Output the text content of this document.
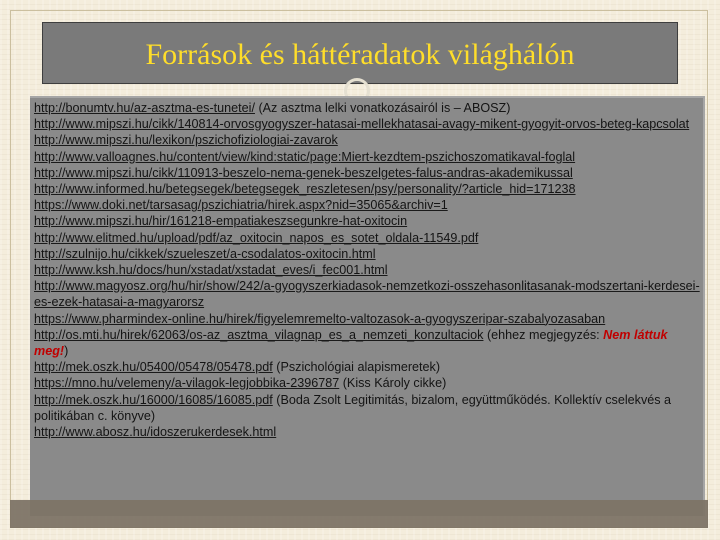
Források és háttéradatok világhálón
http://bonumtv.hu/az-asztma-es-tunetei/ (Az asztma lelki vonatkozásairól is – ABOSZ)
http://www.mipszi.hu/cikk/140814-orvosgyogyszer-hatasai-mellekhatasai-avagy-mikent-gyogyit-orvos-beteg-kapcsolat
http://www.mipszi.hu/lexikon/pszichofiziologiai-zavarok
http://www.valloagnes.hu/content/view/kind:static/page:Miert-kezdtem-pszichoszomatikaval-foglal
http://www.mipszi.hu/cikk/110913-beszelo-nema-genek-beszelgetes-falus-andras-akademikussal
http://www.informed.hu/betegsegek/betegsegek_reszletesen/psy/personality/?article_hid=171238
https://www.doki.net/tarsasag/pszichiatria/hirek.aspx?nid=35065&archiv=1
http://www.mipszi.hu/hir/161218-empatiakeszsegunkre-hat-oxitocin
http://www.elitmed.hu/upload/pdf/az_oxitocin_napos_es_sotet_oldala-11549.pdf
http://szulnijo.hu/cikkek/szueleszet/a-csodalatos-oxitocin.html
http://www.ksh.hu/docs/hun/xstadat/xstadat_eves/i_fec001.html
http://www.magyosz.org/hu/hir/show/242/a-gyogyszerkiadasok-nemzetkozi-osszehasonlitasanak-modszertani-kerdesei-es-ezek-hatasai-a-magyarorsz
https://www.pharmindex-online.hu/hirek/figyelemremelto-valtozasok-a-gyogyszeripar-szabalyozasaban
http://os.mti.hu/hirek/62063/os-az_asztma_vilagnap_es_a_nemzeti_konzultaciok (ehhez megjegyzés: Nem láttuk meg!)
http://mek.oszk.hu/05400/05478/05478.pdf (Pszichológiai alapismeretek)
https://mno.hu/velemeny/a-vilagok-legjobbika-2396787 (Kiss Károly cikke)
http://mek.oszk.hu/16000/16085/16085.pdf (Boda Zsolt Legitimitás, bizalom, együttműködés. Kollektív cselekvés a politikában c. könyve)
http://www.abosz.hu/idoszerukerdesek.html
